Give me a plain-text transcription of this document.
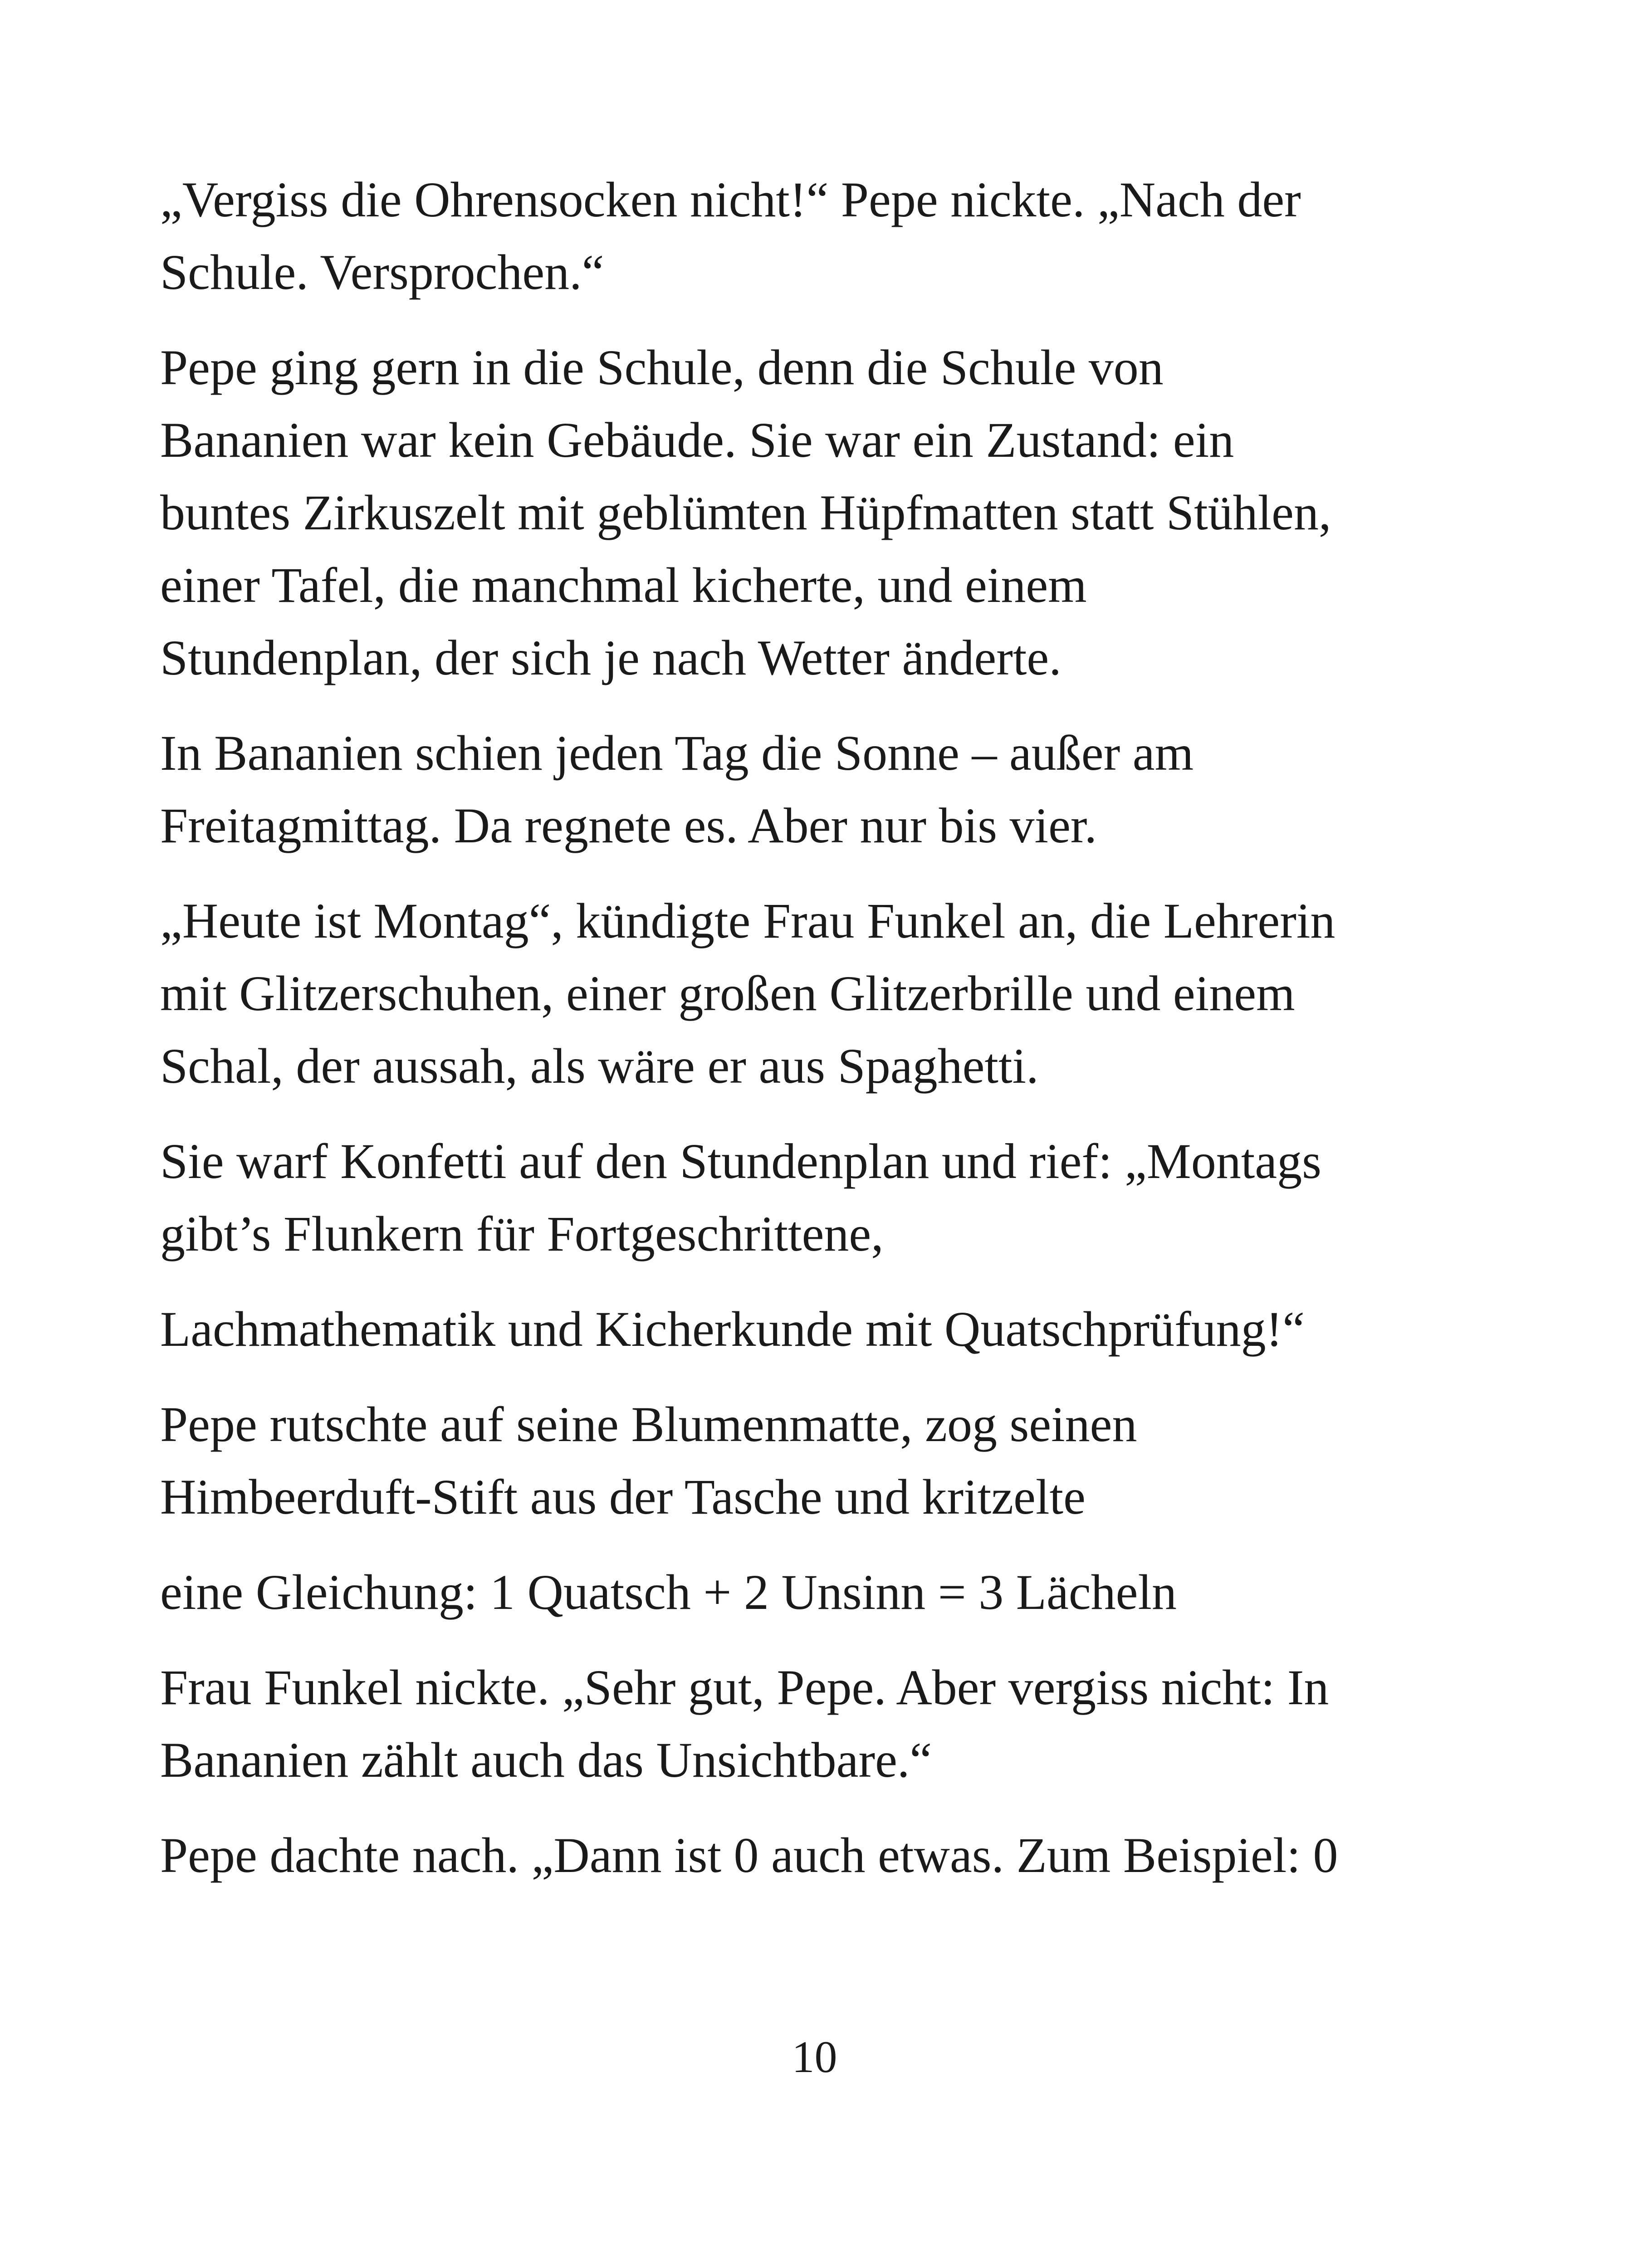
„Vergiss die Ohrensocken nicht!“ Pepe nickte. „Nach der
Schule. Versprochen.“
Pepe ging gern in die Schule, denn die Schule von
Bananien war kein Gebäude. Sie war ein Zustand: ein
buntes Zirkuszelt mit geblümten Hüpfmatten statt Stühlen,
einer Tafel, die manchmal kicherte, und einem
Stundenplan, der sich je nach Wetter änderte.
In Bananien schien jeden Tag die Sonne – außer am
Freitagmittag. Da regnete es. Aber nur bis vier.
„Heute ist Montag“, kündigte Frau Funkel an, die Lehrerin
mit Glitzerschuhen, einer großen Glitzerbrille und einem
Schal, der aussah, als wäre er aus Spaghetti.
Sie warf Konfetti auf den Stundenplan und rief: „Montags
gibt’s Flunkern für Fortgeschrittene,
Lachmathematik und Kicherkunde mit Quatschprüfung!“
Pepe rutschte auf seine Blumenmatte, zog seinen
Himbeerduft-Stift aus der Tasche und kritzelte
eine Gleichung: 1 Quatsch + 2 Unsinn = 3 Lächeln
Frau Funkel nickte. „Sehr gut, Pepe. Aber vergiss nicht: In
Bananien zählt auch das Unsichtbare.“
Pepe dachte nach. „Dann ist 0 auch etwas. Zum Beispiel: 0
10
